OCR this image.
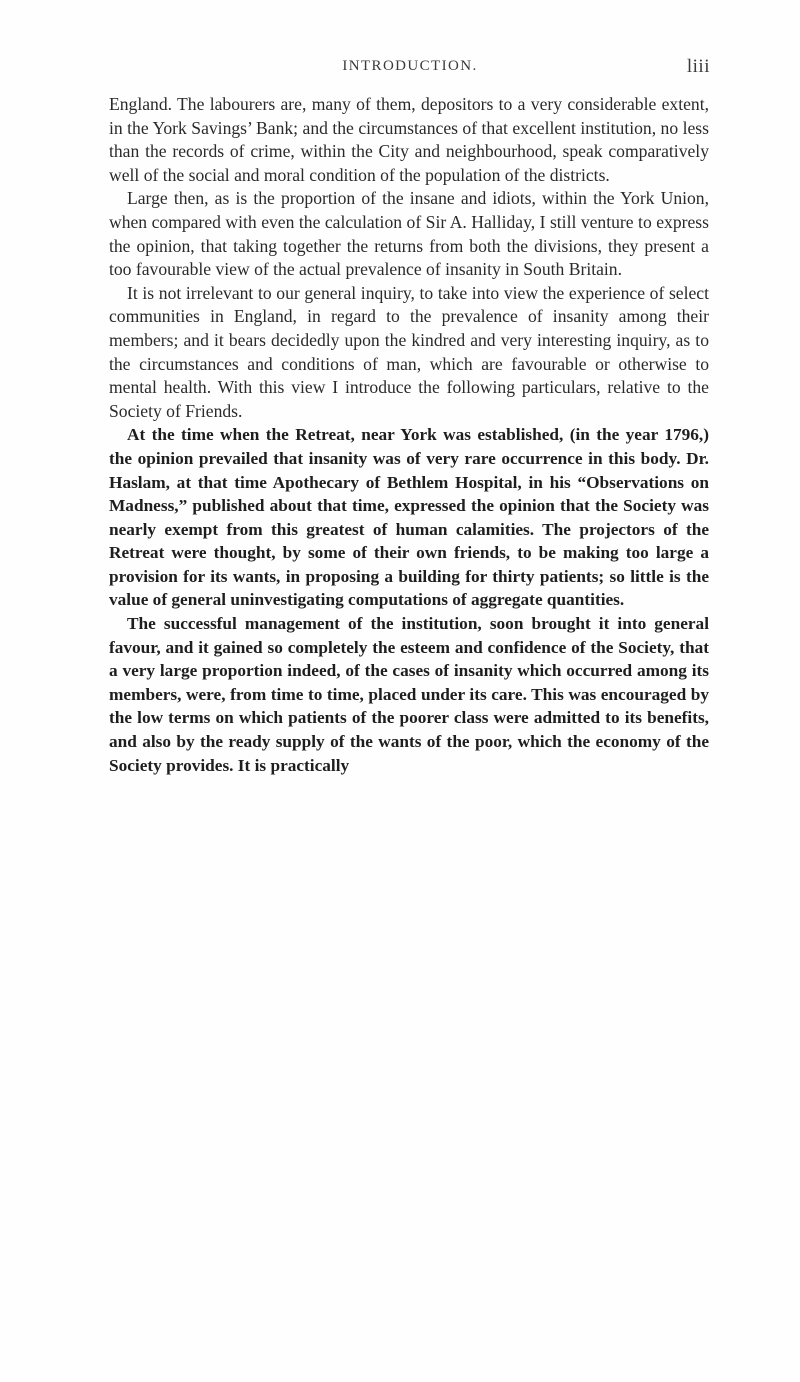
INTRODUCTION.	liii

England. The labourers are, many of them, depositors to a very considerable extent, in the York Savings’ Bank; and the circumstances of that excellent institution, no less than the records of crime, within the City and neighbourhood, speak comparatively well of the social and moral condition of the population of the districts.

Large then, as is the proportion of the insane and idiots, within the York Union, when compared with even the calculation of Sir A. Halliday, I still venture to express the opinion, that taking together the returns from both the divisions, they present a too favourable view of the actual prevalence of insanity in South Britain.

It is not irrelevant to our general inquiry, to take into view the experience of select communities in England, in regard to the prevalence of insanity among their members; and it bears decidedly upon the kindred and very interesting inquiry, as to the circumstances and conditions of man, which are favourable or otherwise to mental health. With this view I introduce the following particulars, relative to the Society of Friends.

At the time when the Retreat, near York was established, (in the year 1796,) the opinion prevailed that insanity was of very rare occurrence in this body. Dr. Haslam, at that time Apothecary of Bethlem Hospital, in his “Observations on Madness,” published about that time, expressed the opinion that the Society was nearly exempt from this greatest of human calamities. The projectors of the Retreat were thought, by some of their own friends, to be making too large a provision for its wants, in proposing a building for thirty patients; so little is the value of general uninvestigating computations of aggregate quantities.

The successful management of the institution, soon brought it into general favour, and it gained so completely the esteem and confidence of the Society, that a very large proportion indeed, of the cases of insanity which occurred among its members, were, from time to time, placed under its care. This was encouraged by the low terms on which patients of the poorer class were admitted to its benefits, and also by the ready supply of the wants of the poor, which the economy of the Society provides. It is practically
